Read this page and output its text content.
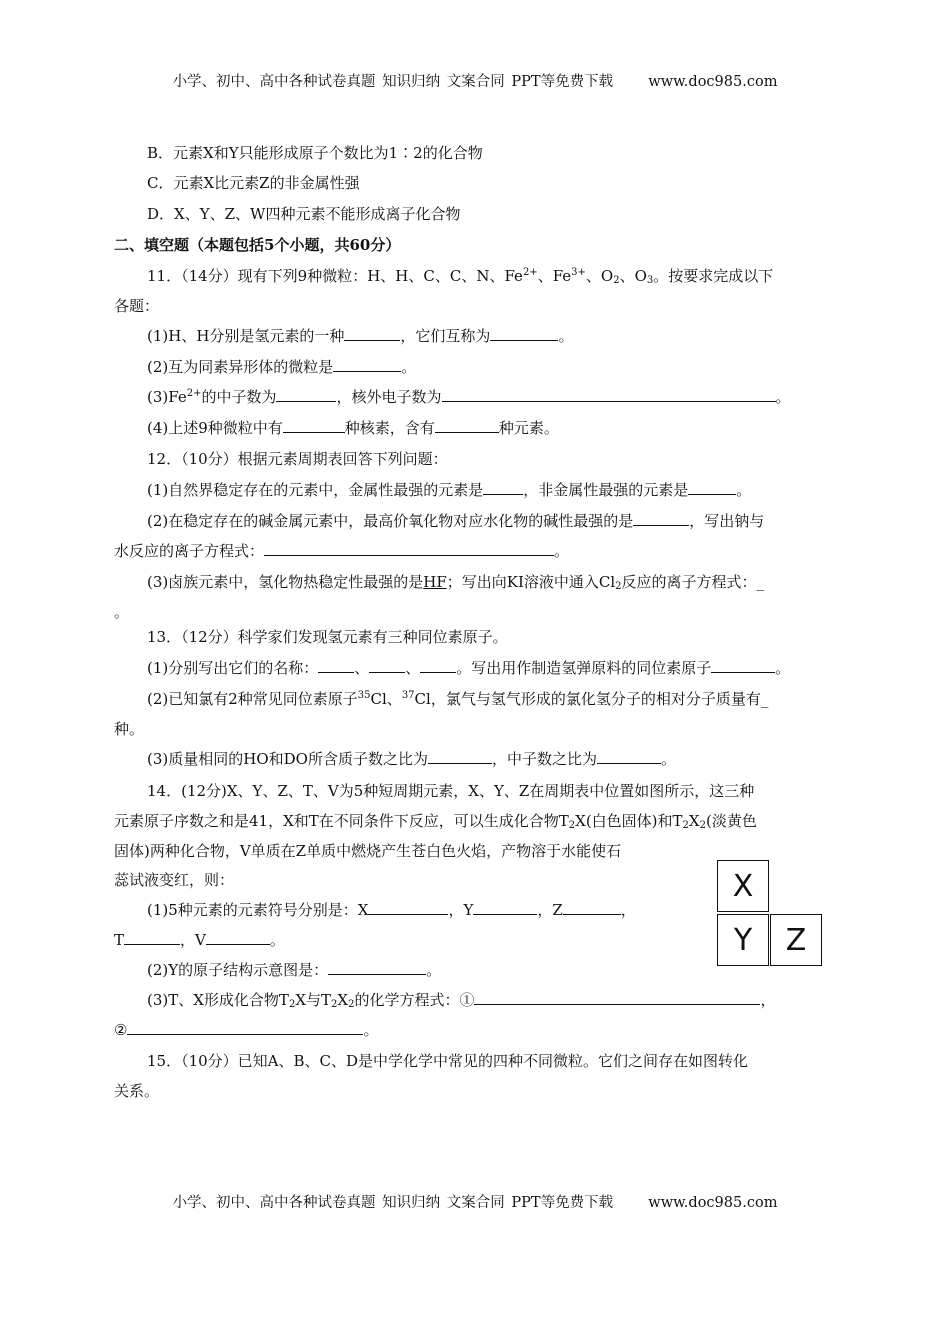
小学、初中、高中各种试卷真题 知识归纳 文案合同 PPT等免费下载 www.doc985.com
B．元素X和Y只能形成原子个数比为1∶2的化合物
C．元素X比元素Z的非金属性强
D．X、Y、Z、W四种元素不能形成离子化合物
二、填空题（本题包括5个小题，共60分）
11．（14分）现有下列9种微粒：H、H、C、C、N、$Fe^{2+}$、$Fe^{3+}$、$O_2$、$O_3$。按要求完成以下
各题：
(1)H、H分别是氢元素的一种	，它们互称为	。
(2)互为同素异形体的微粒是	。
$(3)Fe^{2+}$的中子数为	，核外电子数为	。
(4)上述9种微粒中有	种核素，含有	种元素。
12．（10分）根据元素周期表回答下列问题：
(1)自然界稳定存在的元素中，金属性最强的元素是	，非金属性最强的元素是	。
(2)在稳定存在的碱金属元素中，最高价氧化物对应水化物的碱性最强的是	，写出钠与
水反应的离子方程式：	。
(3)卤族元素中，氢化物热稳定性最强的是HF；写出向KI溶液中通入$Cl_2$反应的离子方程式：_
。
13．（12分）科学家们发现氢元素有三种同位素原子。
(1)分别写出它们的名称： 、 、 。写出用作制造氢弹原料的同位素原子	。
(2)已知氯有2种常见同位素原子$^{35}$Cl、$^{37}$Cl，氯气与氢气形成的氯化氢分子的相对分子质量有_
种。
(3)质量相同的HO和DO所含质子数之比为	，中子数之比为	。
14．(12分)X、Y、Z、T、V为5种短周期元素，X、Y、Z在周期表中位置如图所示，这三种
元素原子序数之和是41，X和T在不同条件下反应，可以生成化合物$T_2X$(白色固体)和$T_2X_2$(淡黄色
固体)两种化合物，V单质在Z单质中燃烧产生苍白色火焰，产物溶于水能使石
蕊试液变红，则：
(1)5种元素的元素符号分别是：X	，Y	，Z	，
T	，V	。
(2)Y的原子结构示意图是：	。
(3)T、X形成化合物$T_2X$与$T_2X_2$的化学方程式：①	，
②	。
X
Y	Z
15．（10分）已知A、B、C、D是中学化学中常见的四种不同微粒。它们之间存在如图转化
关系。
小学、初中、高中各种试卷真题 知识归纳 文案合同 PPT等免费下载 www.doc985.com
